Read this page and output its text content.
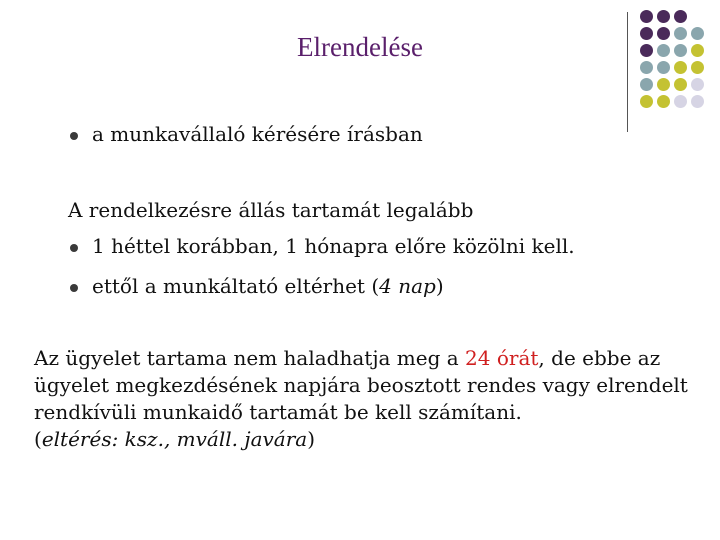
Elrendelése
a munkavállaló kérésére írásban
A rendelkezésre állás tartamát legalább
1 héttel korábban, 1 hónapra előre közölni kell.
ettől a munkáltató eltérhet (4 nap)
Az ügyelet tartama nem haladhatja meg a 24 órát, de ebbe az ügyelet megkezdésének napjára beosztott rendes vagy elrendelt rendkívüli munkaidő tartamát be kell számítani.
(eltérés: ksz., mváll. javára)
